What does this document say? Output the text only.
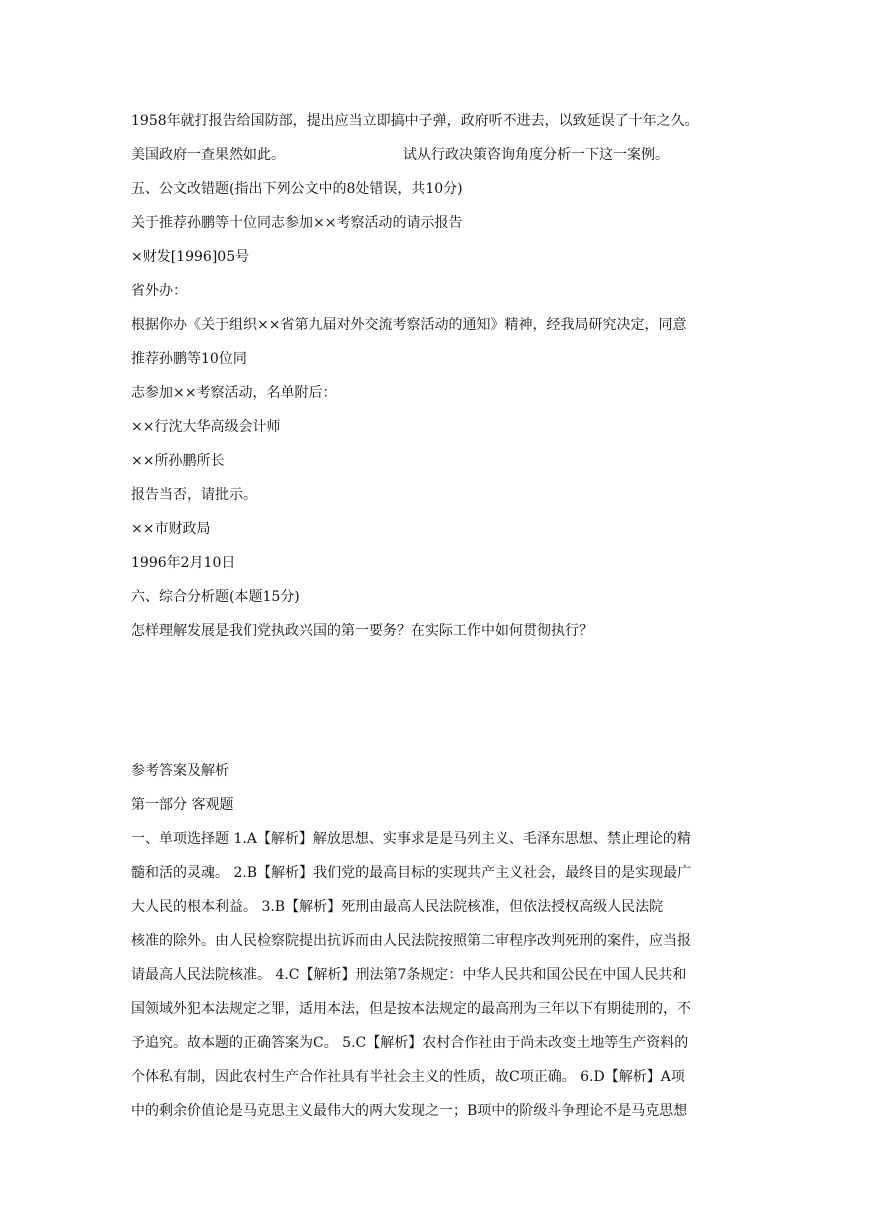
1958年就打报告给国防部，提出应当立即搞中子弹，政府听不进去，以致延误了十年之久。
美国政府一查果然如此。	试从行政决策咨询角度分析一下这一案例。
五、公文改错题(指出下列公文中的8处错误，共10分)
关于推荐孙鹏等十位同志参加××考察活动的请示报告
×财发[1996]05号
省外办：
根据你办《关于组织××省第九届对外交流考察活动的通知》精神，经我局研究决定，同意
推荐孙鹏等10位同
志参加××考察活动，名单附后：
××行沈大华高级会计师
××所孙鹏所长
报告当否，请批示。
××市财政局
1996年2月10日
六、综合分析题(本题15分)
怎样理解发展是我们党执政兴国的第一要务？在实际工作中如何贯彻执行？
参考答案及解析
第一部分 客观题
一、单项选择题 1.A【解析】解放思想、实事求是是马列主义、毛泽东思想、禁止理论的精
髓和活的灵魂。 2.B【解析】我们党的最高目标的实现共产主义社会，最终目的是实现最广
大人民的根本利益。 3.B【解析】死刑由最高人民法院核准，但依法授权高级人民法院
核准的除外。由人民检察院提出抗诉而由人民法院按照第二审程序改判死刑的案件，应当报
请最高人民法院核准。 4.C【解析】刑法第7条规定：中华人民共和国公民在中国人民共和
国领域外犯本法规定之罪，适用本法，但是按本法规定的最高刑为三年以下有期徒刑的，不
予追究。故本题的正确答案为C。 5.C【解析】农村合作社由于尚未改变土地等生产资料的
个体私有制，因此农村生产合作社具有半社会主义的性质，故C项正确。 6.D【解析】A项
中的剩余价值论是马克思主义最伟大的两大发现之一；B项中的阶级斗争理论不是马克思想
